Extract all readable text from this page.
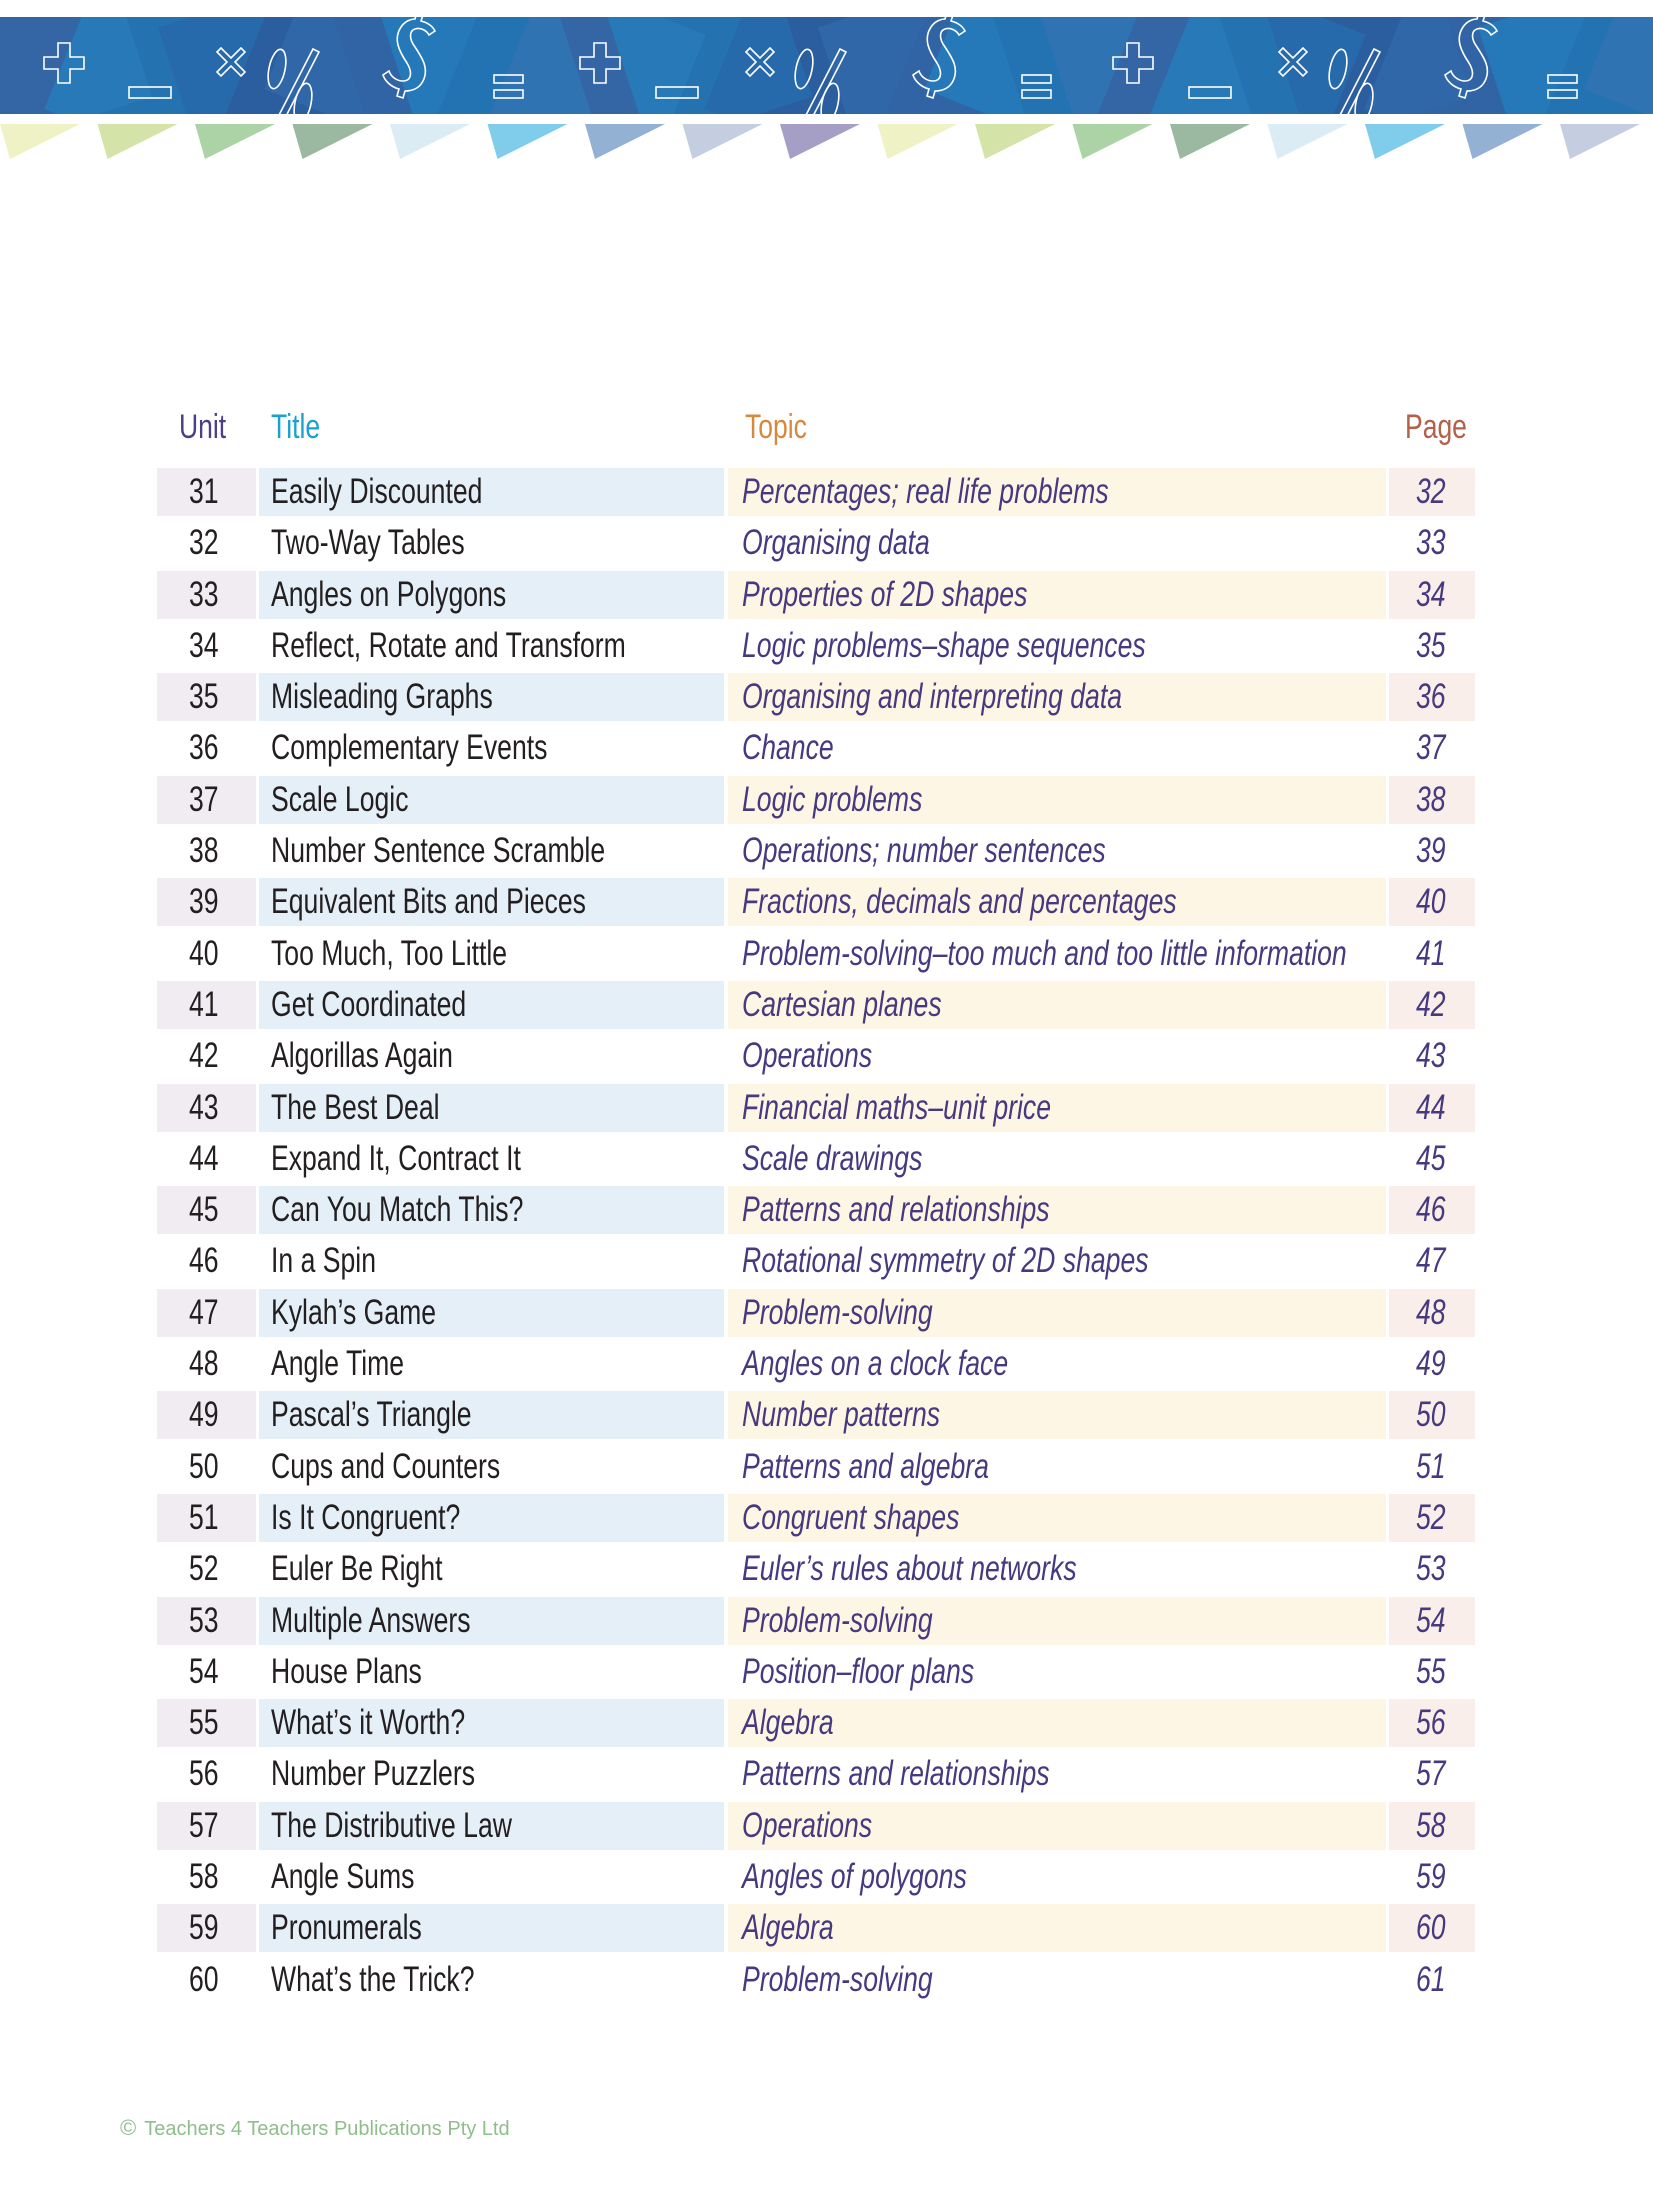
Unit Title	Topic	Page
31 Easily Discounted	Percentages; real life problems	32
32 Two-Way Tables	Organising data	33
33 Angles on Polygons	Properties of 2D shapes	34
34 Reflect, Rotate and Transform	Logic problems–shape sequences	35
35 Misleading Graphs	Organising and interpreting data	36
36 Complementary Events	Chance	37
37 Scale Logic	Logic problems	38
38 Number Sentence Scramble	Operations; number sentences	39
39 Equivalent Bits and Pieces	Fractions, decimals and percentages	40
40 Too Much, Too Little	Problem-solving–too much and too little information 41
41 Get Coordinated	Cartesian planes	42
42 Algorillas Again	Operations	43
43 The Best Deal	Financial maths–unit price	44
44 Expand It, Contract It	Scale drawings	45
45 Can You Match This?	Patterns and relationships	46
46 In a Spin	Rotational symmetry of 2D shapes	47
47 Kylah’s Game	Problem-solving	48
48 Angle Time	Angles on a clock face	49
49 Pascal’s Triangle	Number patterns	50
50 Cups and Counters	Patterns and algebra	51
51 Is It Congruent?	Congruent shapes	52
52 Euler Be Right	Euler’s rules about networks	53
53 Multiple Answers	Problem-solving	54
54 House Plans	Position–floor plans	55
55 What’s it Worth?	Algebra	56
56 Number Puzzlers	Patterns and relationships	57
57 The Distributive Law	Operations	58
58 Angle Sums	Angles of polygons	59
59 Pronumerals	Algebra	60
60 What’s the Trick?	Problem-solving	61
© Teachers 4 Teachers Publications Pty Ltd
